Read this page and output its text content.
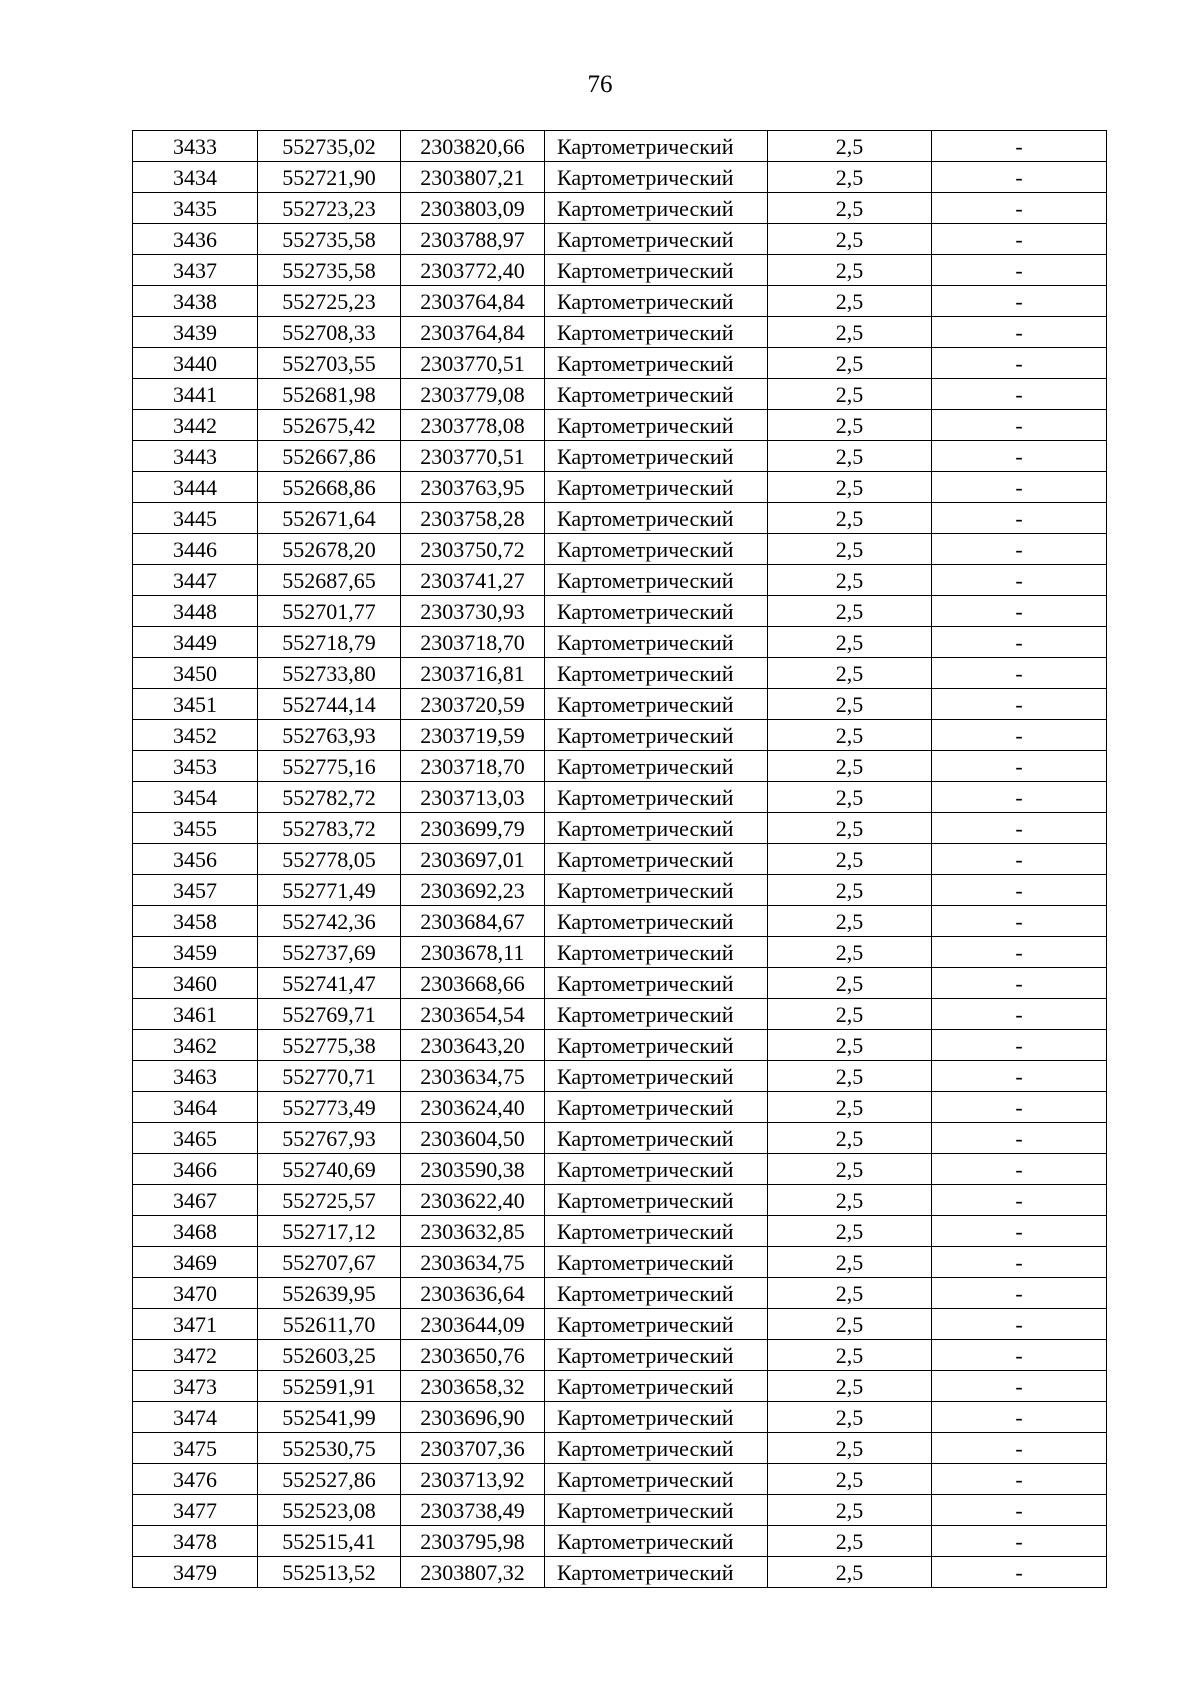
76
3433	552735,02	2303820,66	Картометрический	2,5	-
3434	552721,90	2303807,21	Картометрический	2,5	-
3435	552723,23	2303803,09	Картометрический	2,5	-
3436	552735,58	2303788,97	Картометрический	2,5	-
3437	552735,58	2303772,40	Картометрический	2,5	-
3438	552725,23	2303764,84	Картометрический	2,5	-
3439	552708,33	2303764,84	Картометрический	2,5	-
3440	552703,55	2303770,51	Картометрический	2,5	-
3441	552681,98	2303779,08	Картометрический	2,5	-
3442	552675,42	2303778,08	Картометрический	2,5	-
3443	552667,86	2303770,51	Картометрический	2,5	-
3444	552668,86	2303763,95	Картометрический	2,5	-
3445	552671,64	2303758,28	Картометрический	2,5	-
3446	552678,20	2303750,72	Картометрический	2,5	-
3447	552687,65	2303741,27	Картометрический	2,5	-
3448	552701,77	2303730,93	Картометрический	2,5	-
3449	552718,79	2303718,70	Картометрический	2,5	-
3450	552733,80	2303716,81	Картометрический	2,5	-
3451	552744,14	2303720,59	Картометрический	2,5	-
3452	552763,93	2303719,59	Картометрический	2,5	-
3453	552775,16	2303718,70	Картометрический	2,5	-
3454	552782,72	2303713,03	Картометрический	2,5	-
3455	552783,72	2303699,79	Картометрический	2,5	-
3456	552778,05	2303697,01	Картометрический	2,5	-
3457	552771,49	2303692,23	Картометрический	2,5	-
3458	552742,36	2303684,67	Картометрический	2,5	-
3459	552737,69	2303678,11	Картометрический	2,5	-
3460	552741,47	2303668,66	Картометрический	2,5	-
3461	552769,71	2303654,54	Картометрический	2,5	-
3462	552775,38	2303643,20	Картометрический	2,5	-
3463	552770,71	2303634,75	Картометрический	2,5	-
3464	552773,49	2303624,40	Картометрический	2,5	-
3465	552767,93	2303604,50	Картометрический	2,5	-
3466	552740,69	2303590,38	Картометрический	2,5	-
3467	552725,57	2303622,40	Картометрический	2,5	-
3468	552717,12	2303632,85	Картометрический	2,5	-
3469	552707,67	2303634,75	Картометрический	2,5	-
3470	552639,95	2303636,64	Картометрический	2,5	-
3471	552611,70	2303644,09	Картометрический	2,5	-
3472	552603,25	2303650,76	Картометрический	2,5	-
3473	552591,91	2303658,32	Картометрический	2,5	-
3474	552541,99	2303696,90	Картометрический	2,5	-
3475	552530,75	2303707,36	Картометрический	2,5	-
3476	552527,86	2303713,92	Картометрический	2,5	-
3477	552523,08	2303738,49	Картометрический	2,5	-
3478	552515,41	2303795,98	Картометрический	2,5	-
3479	552513,52	2303807,32	Картометрический	2,5	-
